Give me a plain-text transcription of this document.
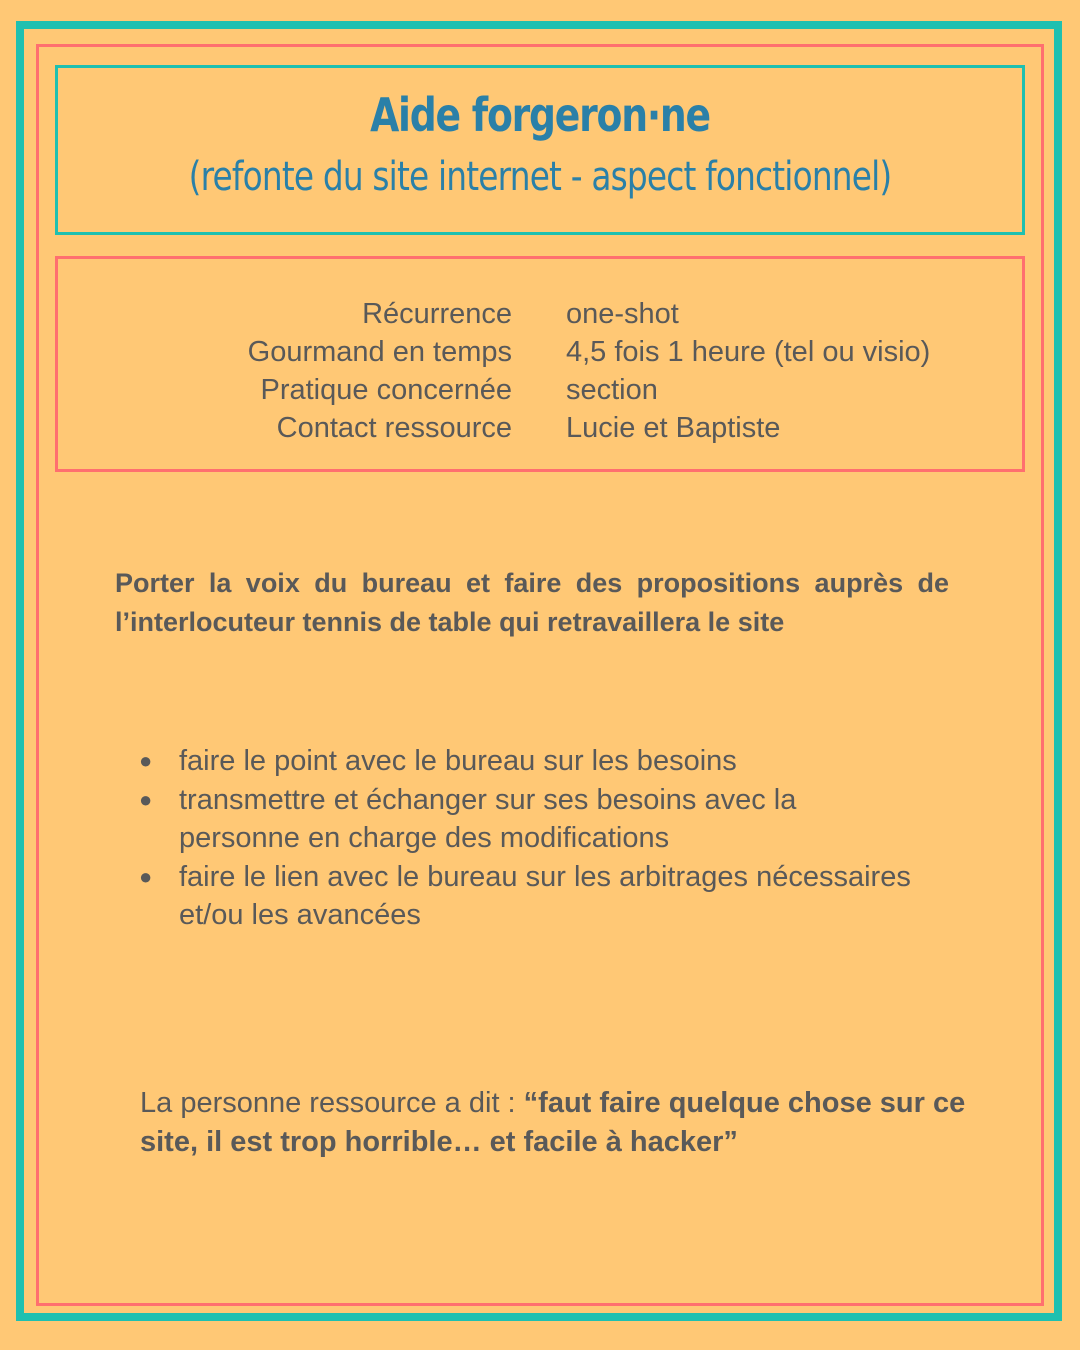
Aide forgeron·ne
(refonte du site internet - aspect fonctionnel)
Récurrence one-shot
Gourmand en temps 4,5 fois 1 heure (tel ou visio)
Pratique concernée section
Contact ressource Lucie et Baptiste
Porter la voix du bureau et faire des propositions auprès de l’interlocuteur tennis de table qui retravaillera le site
● faire le point avec le bureau sur les besoins
● transmettre et échanger sur ses besoins avec la personne en charge des modifications
● faire le lien avec le bureau sur les arbitrages nécessaires et/ou les avancées
La personne ressource a dit : “faut faire quelque chose sur ce site, il est trop horrible… et facile à hacker”
